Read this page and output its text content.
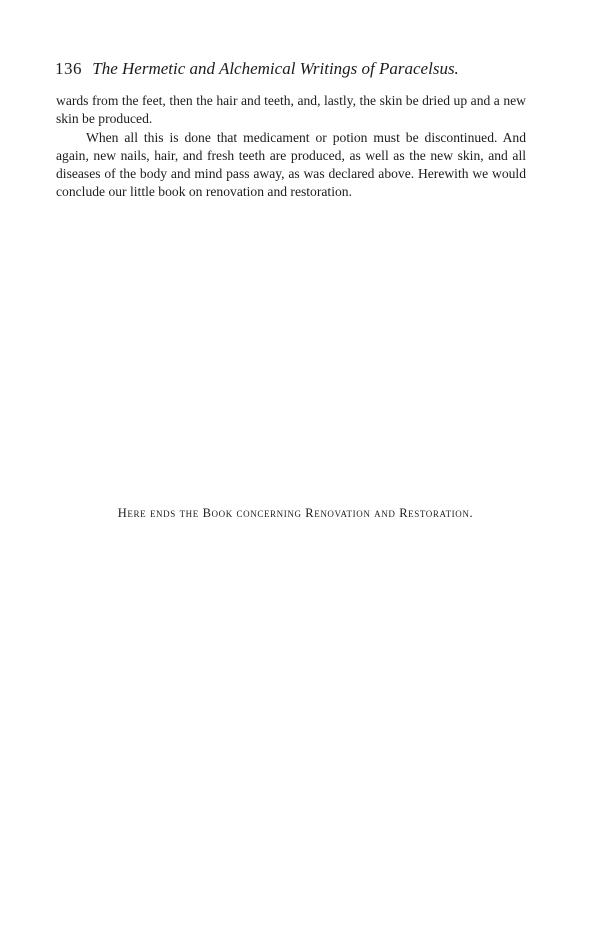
136 The Hermetic and Alchemical Writings of Paracelsus.

wards from the feet, then the hair and teeth, and, lastly, the skin be dried up and a new skin be produced.

When all this is done that medicament or potion must be discontinued. And again, new nails, hair, and fresh teeth are produced, as well as the new skin, and all diseases of the body and mind pass away, as was declared above. Herewith we would conclude our little book on renovation and restoration.

Here ends the Book concerning Renovation and Restoration.
